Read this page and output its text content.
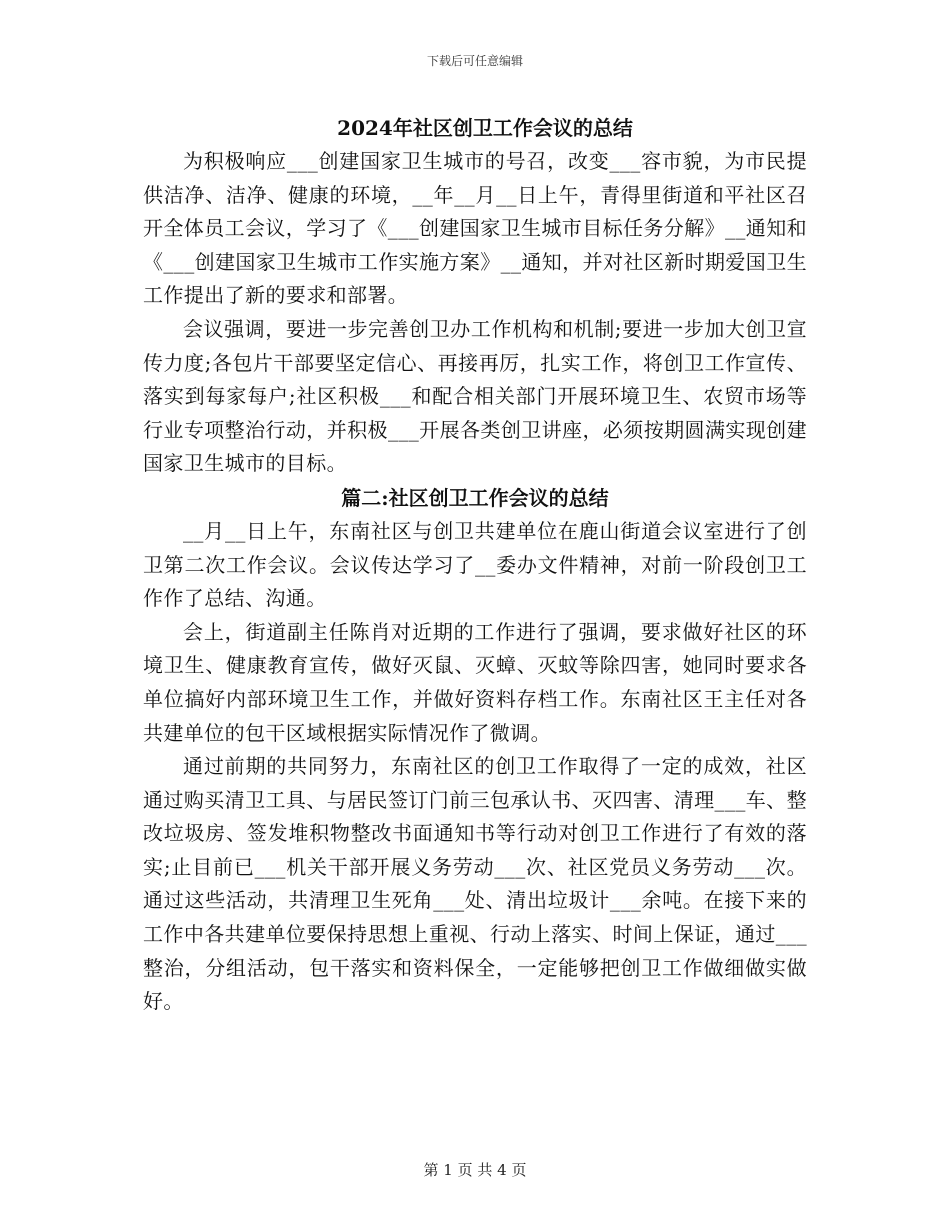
下载后可任意编辑
2024年社区创卫工作会议的总结

为积极响应___创建国家卫生城市的号召，改变___容市貌，为市民提供洁净、洁净、健康的环境，__年__月__日上午，青得里街道和平社区召开全体员工会议，学习了《___创建国家卫生城市目标任务分解》__通知和《___创建国家卫生城市工作实施方案》__通知，并对社区新时期爱国卫生工作提出了新的要求和部署。

会议强调，要进一步完善创卫办工作机构和机制;要进一步加大创卫宣传力度;各包片干部要坚定信心、再接再厉，扎实工作，将创卫工作宣传、落实到每家每户;社区积极___和配合相关部门开展环境卫生、农贸市场等行业专项整治行动，并积极___开展各类创卫讲座，必须按期圆满实现创建国家卫生城市的目标。

篇二:社区创卫工作会议的总结

__月__日上午，东南社区与创卫共建单位在鹿山街道会议室进行了创卫第二次工作会议。会议传达学习了__委办文件精神，对前一阶段创卫工作作了总结、沟通。

会上，街道副主任陈肖对近期的工作进行了强调，要求做好社区的环境卫生、健康教育宣传，做好灭鼠、灭蟑、灭蚊等除四害，她同时要求各单位搞好内部环境卫生工作，并做好资料存档工作。东南社区王主任对各共建单位的包干区域根据实际情况作了微调。

通过前期的共同努力，东南社区的创卫工作取得了一定的成效，社区通过购买清卫工具、与居民签订门前三包承认书、灭四害、清理___车、整改垃圾房、签发堆积物整改书面通知书等行动对创卫工作进行了有效的落实;止目前已___机关干部开展义务劳动___次、社区党员义务劳动___次。通过这些活动，共清理卫生死角___处、清出垃圾计___余吨。在接下来的工作中各共建单位要保持思想上重视、行动上落实、时间上保证，通过___整治，分组活动，包干落实和资料保全，一定能够把创卫工作做细做实做好。

第 1 页 共 4 页
